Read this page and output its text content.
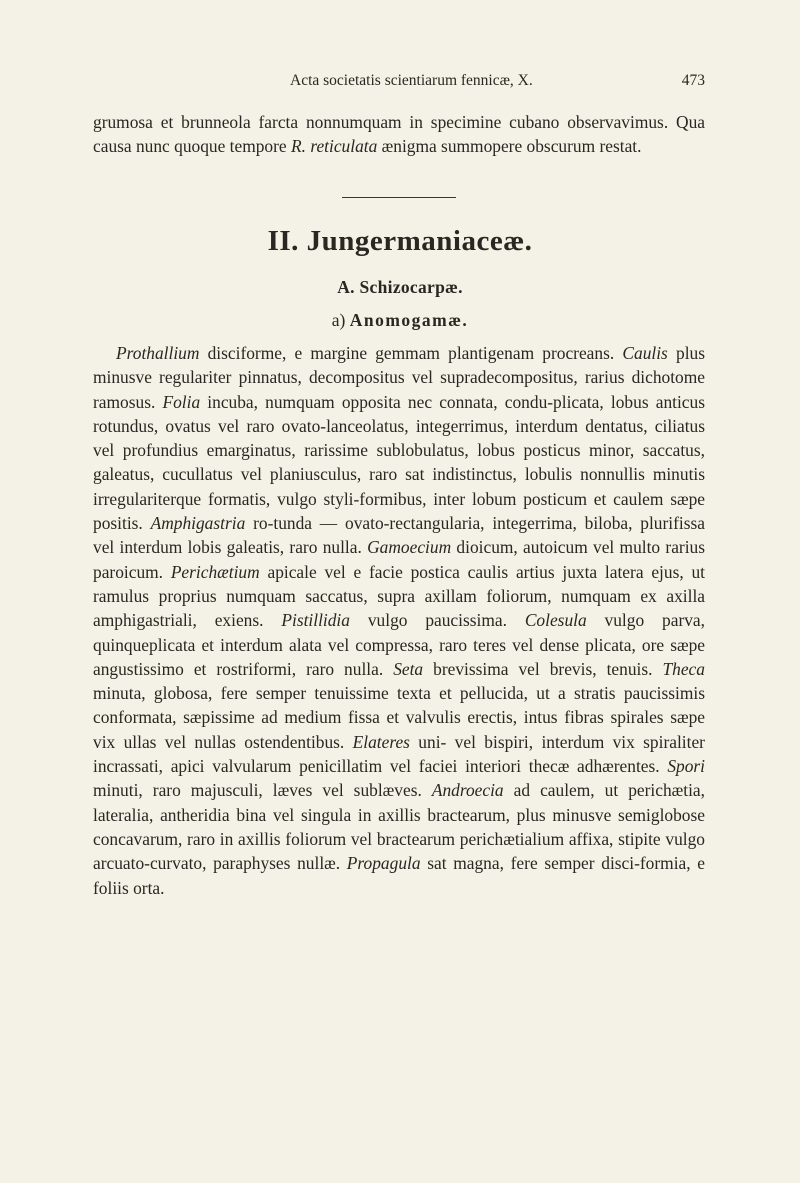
Acta societatis scientiarum fennicæ, X.	473

grumosa et brunneola farcta nonnumquam in specimine cubano observavimus. Qua causa nunc quoque tempore R. reticulata ænigma summopere obscurum restat.

II. Jungermaniaceæ.
A. Schizocarpæ.
a) Anomogamæ.

Prothallium disciforme, e margine gemmam plantigenam procreans. Caulis plus minusve regulariter pinnatus, decompositus vel supradecompositus, rarius dichotome ramosus. Folia incuba, numquam opposita nec connata, condu-plicata, lobus anticus rotundus, ovatus vel raro ovato-lanceolatus, integerrimus, interdum dentatus, ciliatus vel profundius emarginatus, rarissime sublobulatus, lobus posticus minor, saccatus, galeatus, cucullatus vel planiusculus, raro sat indistinctus, lobulis nonnullis minutis irregulariterque formatis, vulgo styli-formibus, inter lobum posticum et caulem sæpe positis. Amphigastria ro-tunda — ovato-rectangularia, integerrima, biloba, plurifissa vel interdum lobis galeatis, raro nulla. Gamoecium dioicum, autoicum vel multo rarius paroicum. Perichætium apicale vel e facie postica caulis artius juxta latera ejus, ut ramulus proprius numquam saccatus, supra axillam foliorum, numquam ex axilla amphigastriali, exiens. Pistillidia vulgo paucissima. Colesula vulgo parva, quinqueplicata et interdum alata vel compressa, raro teres vel dense plicata, ore sæpe angustissimo et rostriformi, raro nulla. Seta brevissima vel brevis, tenuis. Theca minuta, globosa, fere semper tenuissime texta et pellucida, ut a stratis paucissimis conformata, sæpissime ad medium fissa et valvulis erectis, intus fibras spirales sæpe vix ullas vel nullas ostendentibus. Elateres uni- vel bispiri, interdum vix spiraliter incrassati, apici valvularum penicillatim vel faciei interiori thecæ adhærentes. Spori minuti, raro majusculi, læves vel sublæves. Androecia ad caulem, ut perichætia, lateralia, antheridia bina vel singula in axillis bractearum, plus minusve semiglobose concavarum, raro in axillis foliorum vel bractearum perichætialium affixa, stipite vulgo arcuato-curvato, paraphyses nullæ. Propagula sat magna, fere semper disci-formia, e foliis orta.
